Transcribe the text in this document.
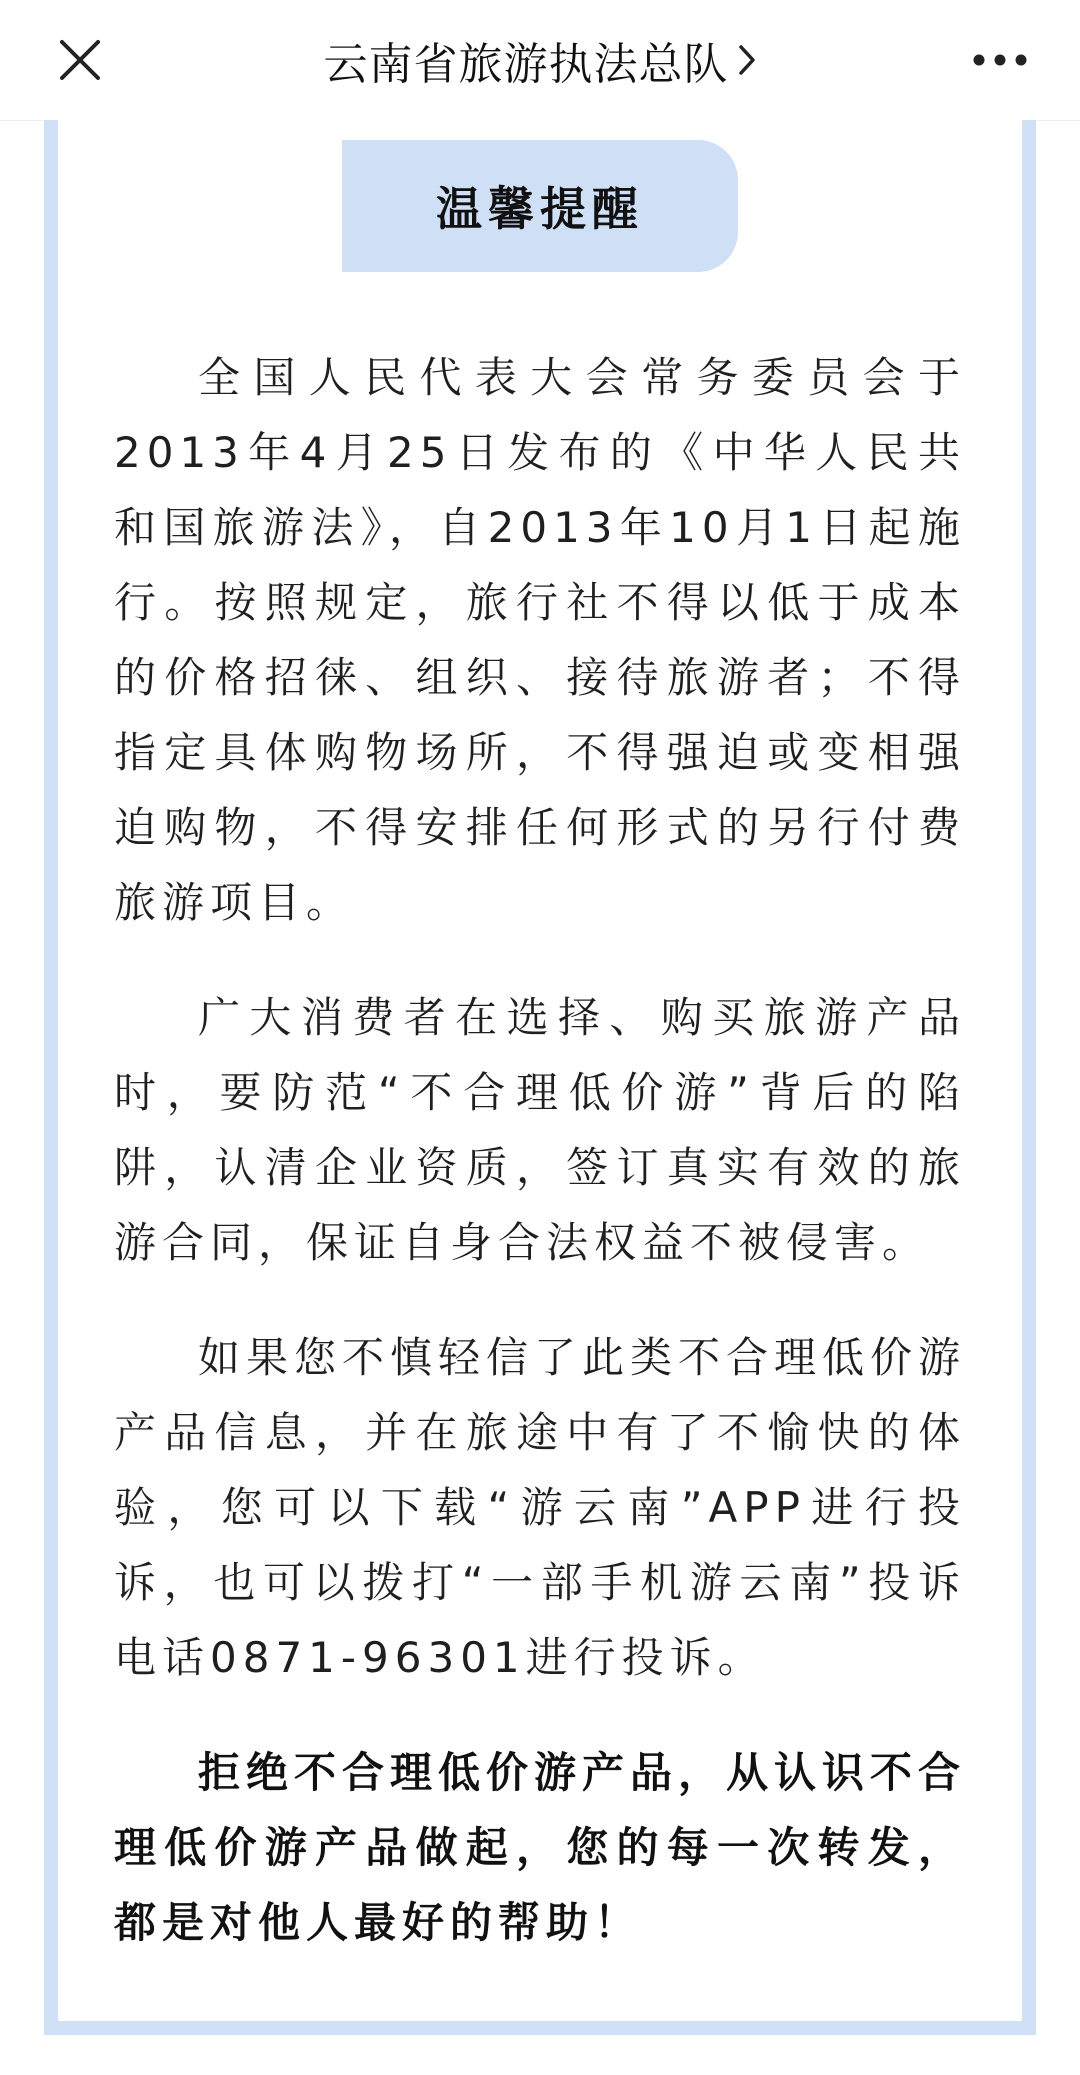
云南省旅游执法总队
温馨提醒

全国人民代表大会常务委员会于2013年4月25日发布的《中华人民共和国旅游法》，自2013年10月1日起施行。按照规定，旅行社不得以低于成本的价格招徕、组织、接待旅游者；不得指定具体购物场所，不得强迫或变相强迫购物，不得安排任何形式的另行付费旅游项目。

广大消费者在选择、购买旅游产品时，要防范“不合理低价游”背后的陷阱，认清企业资质，签订真实有效的旅游合同，保证自身合法权益不被侵害。

如果您不慎轻信了此类不合理低价游产品信息，并在旅途中有了不愉快的体验，您可以下载“游云南”APP进行投诉，也可以拨打“一部手机游云南”投诉电话0871-96301进行投诉。

拒绝不合理低价游产品，从认识不合理低价游产品做起，您的每一次转发，都是对他人最好的帮助！
